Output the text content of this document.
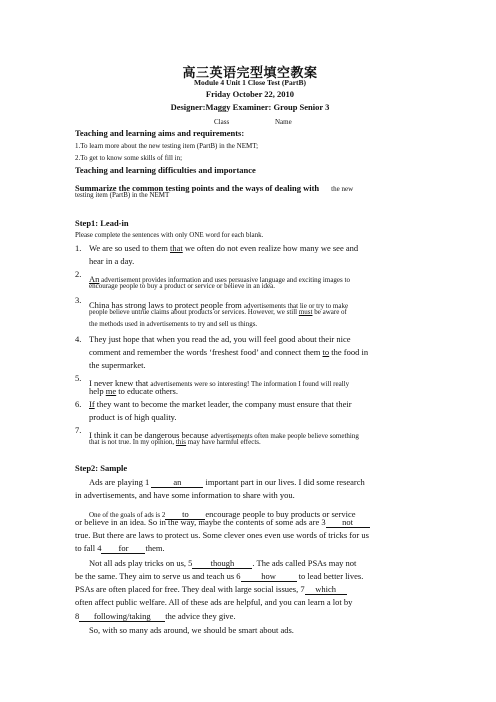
高三英语完型填空教案
Module 4 Unit 1 Close Test (PartB)
Friday October 22, 2010
Designer:Maggy Examiner: Group Senior 3
Class	Name
Teaching and learning aims and requirements:
1.To learn more about the new testing item (PartB) in the NEMT;
2.To get to know some skills of fill in;
Teaching and learning difficulties and importance
Summarize the common testing points and the ways of dealing with the new
testing item (PartB) in the NEMT
Step1: Lead-in
Please complete the sentences with only ONE word for each blank.
1. We are so used to them that we often do not even realize how many we see and
hear in a day.
2. An advertisement provides information and uses persuasive language and exciting images to
encourage people to buy a product or service or believe in an idea.
3. China has strong laws to protect people from advertisements that lie or try to make
people believe untrue claims about products or services. However, we still must be aware of
the methods used in advertisements to try and sell us things.
4. They just hope that when you read the ad, you will feel good about their nice
comment and remember the words ‘freshest food’ and connect them to the food in
the supermarket.
5. I never knew that advertisements were so interesting! The information I found will really
help me to educate others.
6. If they want to become the market leader, the company must ensure that their
product is of high quality.
7. I think it can be dangerous because advertisements often make people believe something
that is not true. In my opinion, this may have harmful effects.
Step2: Sample
Ads are playing 1	an	important part in our lives. I did some research
in advertisements, and have some information to share with you.
One of the goals of ads is 2 to encourage people to buy products or service
or believe in an idea. So in the way, maybe the contents of some ads are 3 not
true. But there are laws to protect us. Some clever ones even use words of tricks for us
to fall 4 for them.
Not all ads play tricks on us, 5 though . The ads called PSAs may not
be the same. They aim to serve us and teach us 6 how to lead better lives.
PSAs are often placed for free. They deal with large social issues, 7 which
often affect public welfare. All of these ads are helpful, and you can learn a lot by
8 following/taking the advice they give.
So, with so many ads around, we should be smart about ads.
